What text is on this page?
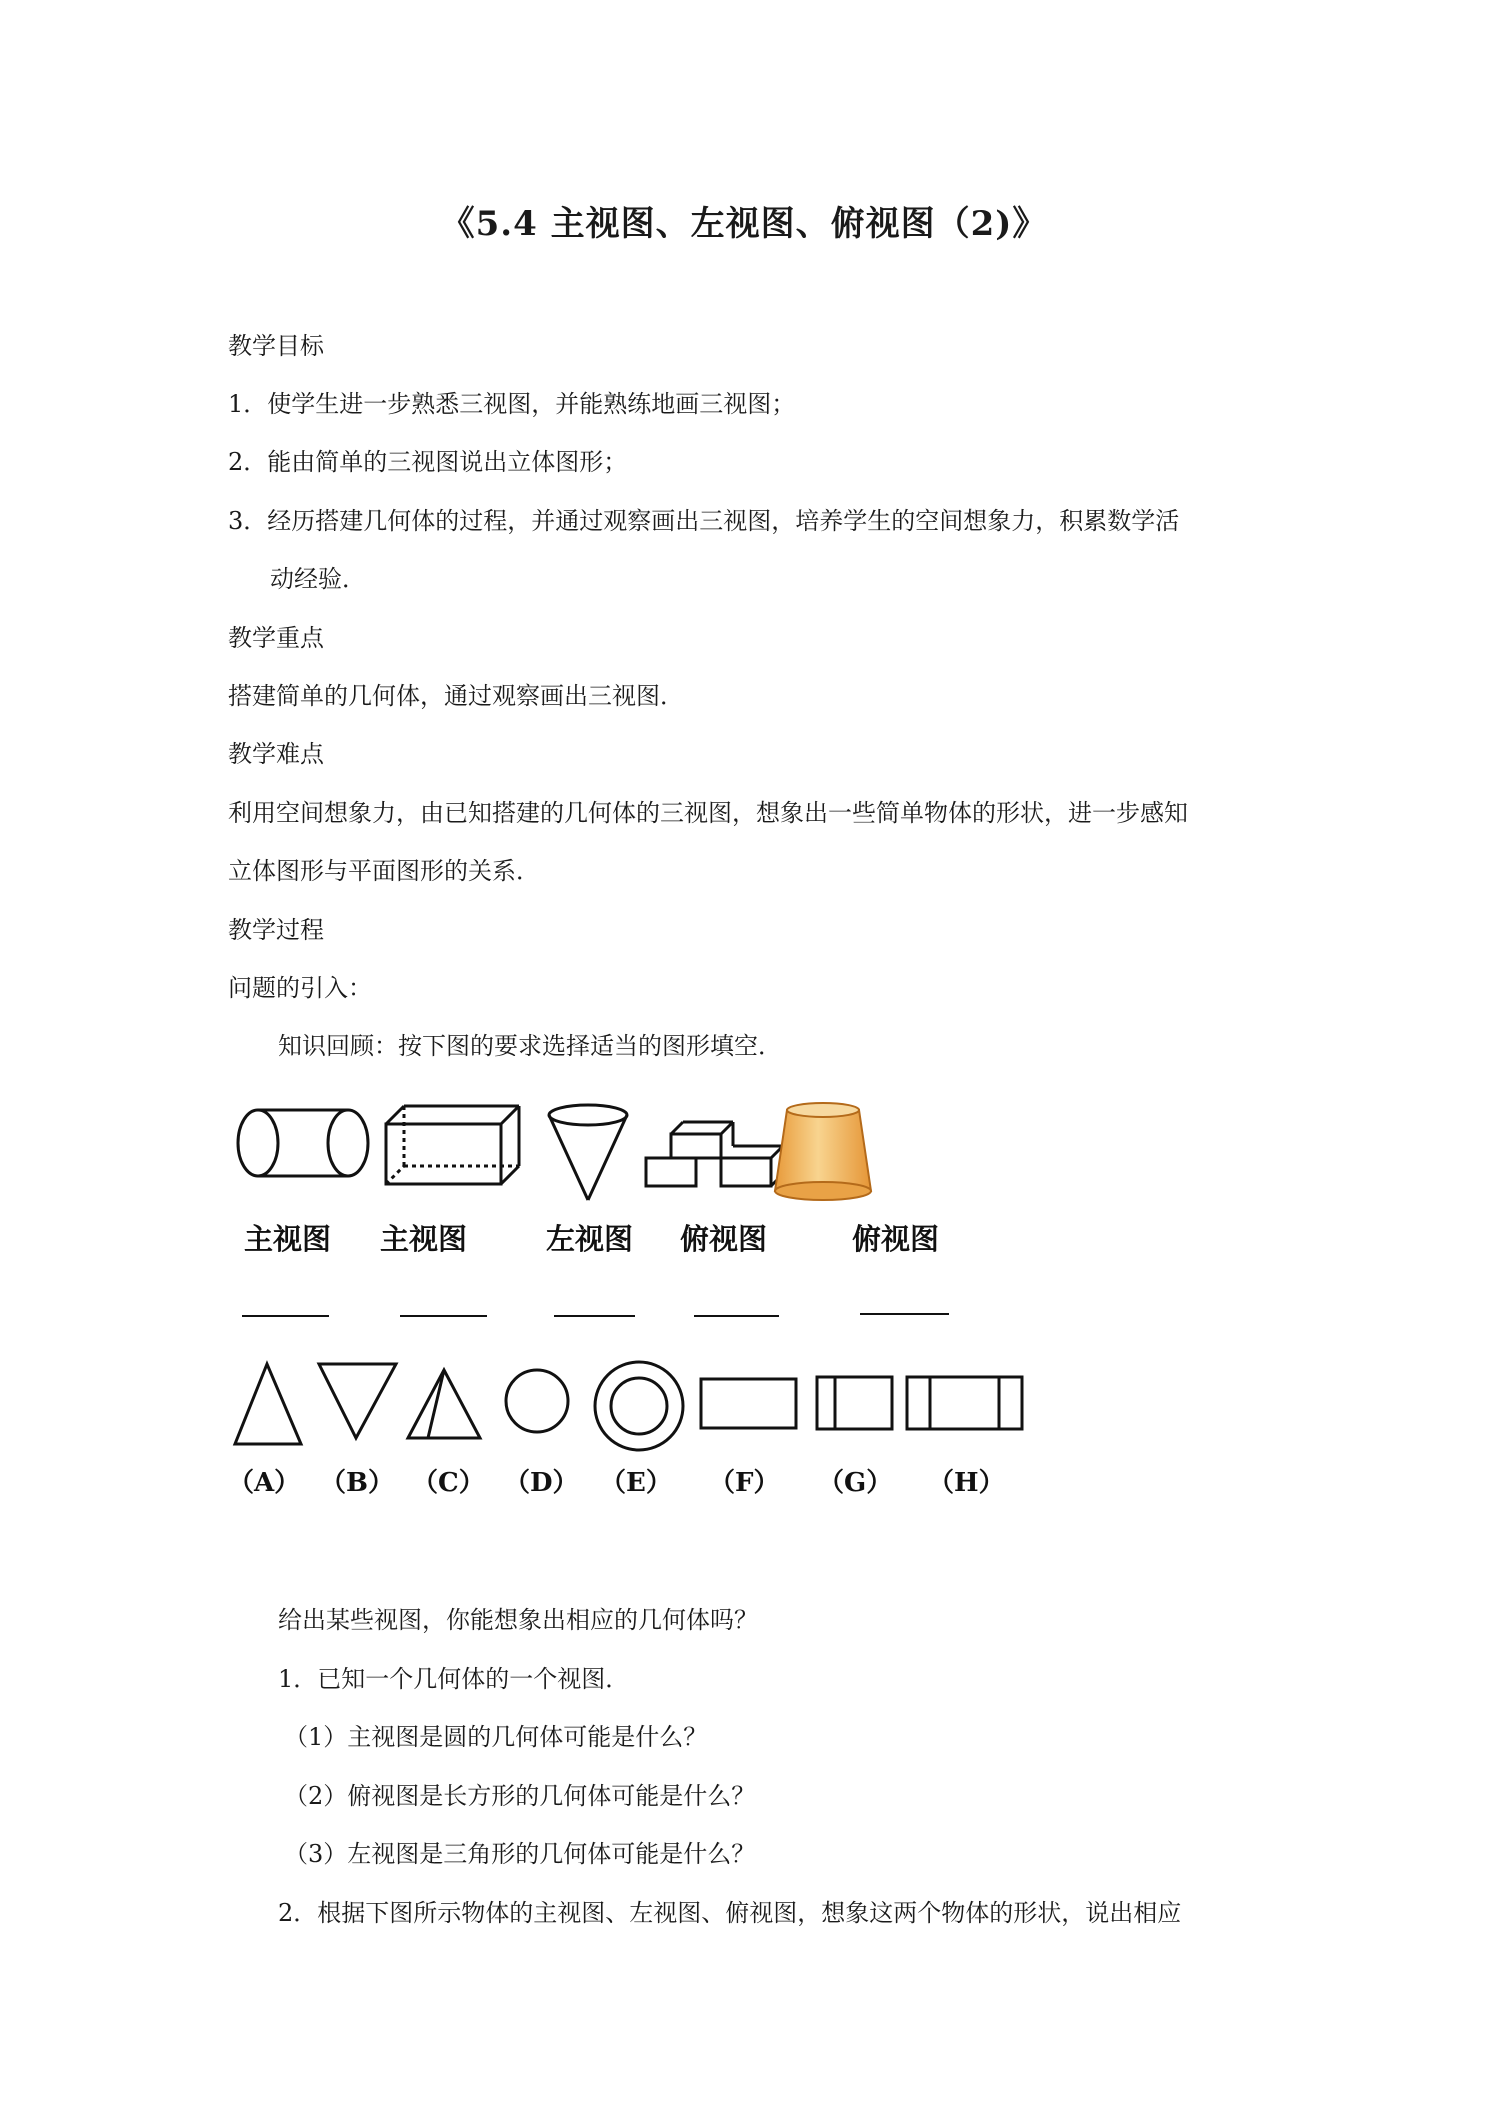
《5.4 主视图、左视图、俯视图（2)》
教学目标
1．使学生进一步熟悉三视图，并能熟练地画三视图；
2．能由简单的三视图说出立体图形；
3．经历搭建几何体的过程，并通过观察画出三视图，培养学生的空间想象力，积累数学活
动经验．
教学重点
搭建简单的几何体，通过观察画出三视图．
教学难点
利用空间想象力，由已知搭建的几何体的三视图，想象出一些简单物体的形状，进一步感知
立体图形与平面图形的关系．
教学过程
问题的引入：
知识回顾：按下图的要求选择适当的图形填空．
主视图 主视图	左视图 俯视图	俯视图
（A） （B） （C） （D） （E） （F） （G） （H）
给出某些视图，你能想象出相应的几何体吗？
1．已知一个几何体的一个视图．
（1）主视图是圆的几何体可能是什么？
（2）俯视图是长方形的几何体可能是什么？
（3）左视图是三角形的几何体可能是什么？
2．根据下图所示物体的主视图、左视图、俯视图，想象这两个物体的形状，说出相应
